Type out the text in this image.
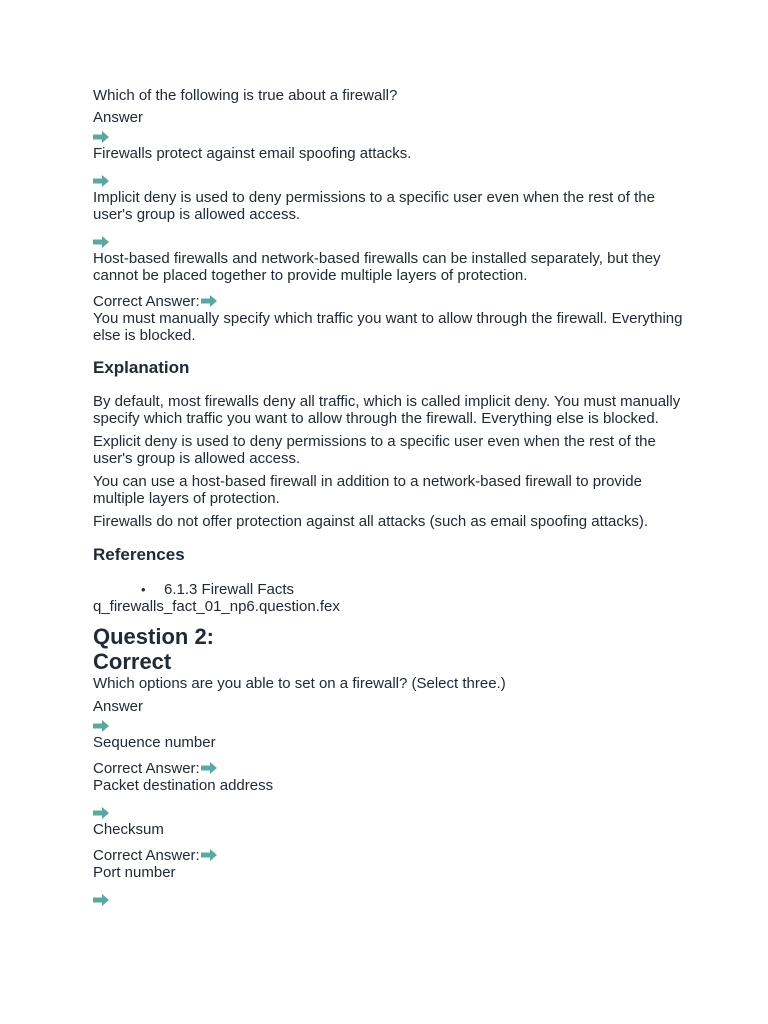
Which of the following is true about a firewall?

Answer

Firewalls protect against email spoofing attacks.

Implicit deny is used to deny permissions to a specific user even when the rest of the user's group is allowed access.

Host-based firewalls and network-based firewalls can be installed separately, but they cannot be placed together to provide multiple layers of protection.

Correct Answer:

You must manually specify which traffic you want to allow through the firewall. Everything else is blocked.

Explanation

By default, most firewalls deny all traffic, which is called implicit deny. You must manually specify which traffic you want to allow through the firewall. Everything else is blocked.

Explicit deny is used to deny permissions to a specific user even when the rest of the user's group is allowed access.

You can use a host-based firewall in addition to a network-based firewall to provide multiple layers of protection.

Firewalls do not offer protection against all attacks (such as email spoofing attacks).

References
• 6.1.3 Firewall Facts

q_firewalls_fact_01_np6.question.fex

Question 2:
Correct

Which options are you able to set on a firewall? (Select three.)

Answer

Sequence number

Correct Answer:

Packet destination address

Checksum

Correct Answer:

Port number
